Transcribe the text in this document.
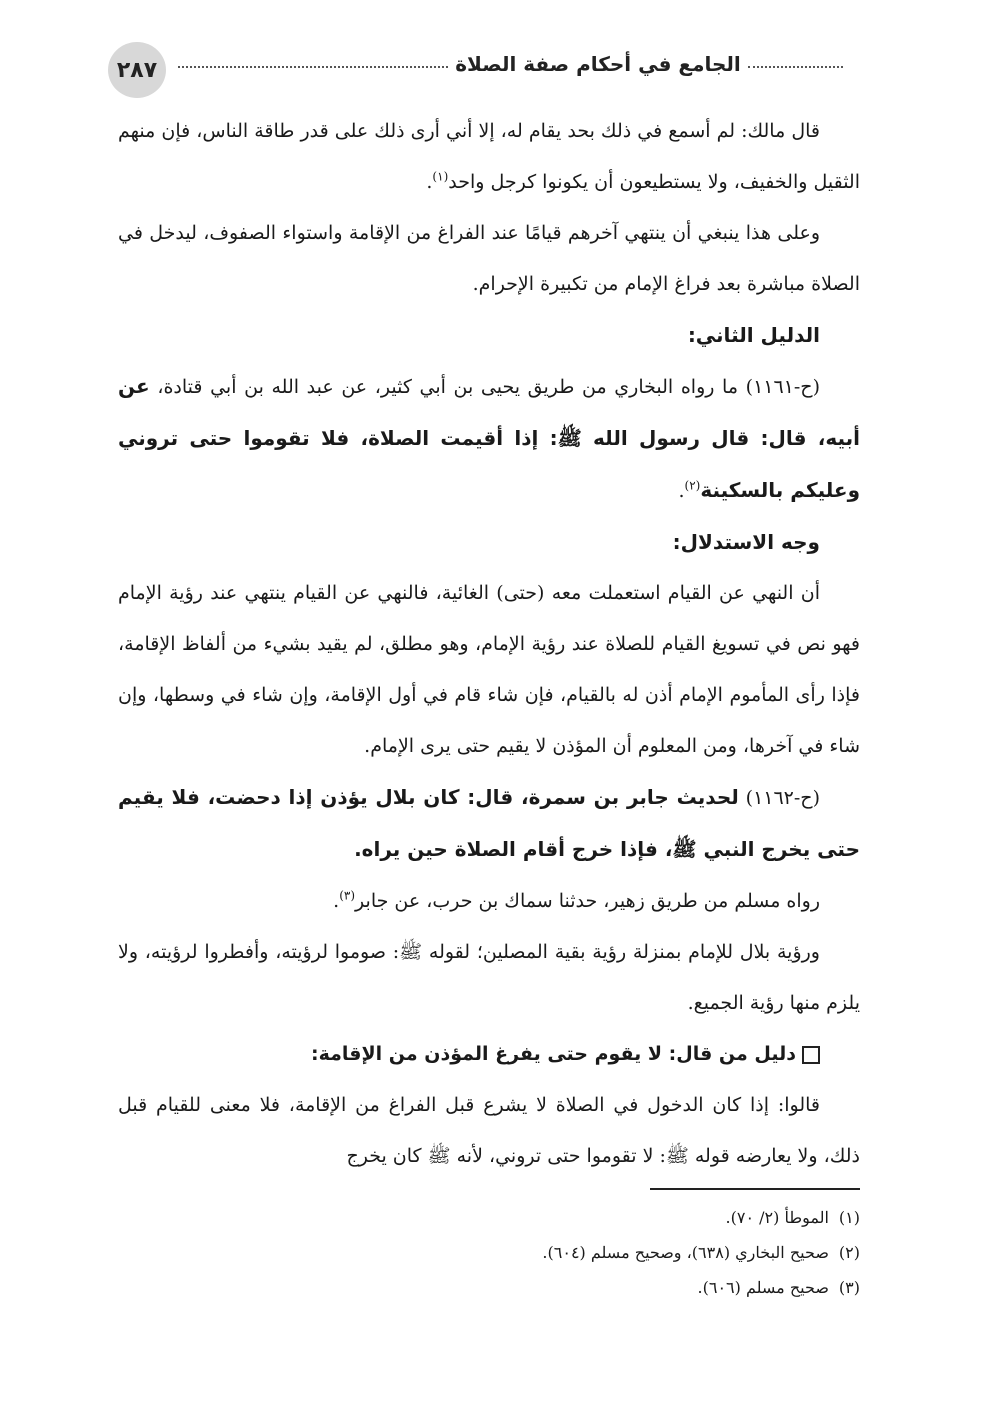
٢٨٧	الجامع في أحكام صفة الصلاة

قال مالك: لم أسمع في ذلك بحد يقام له، إلا أني أرى ذلك على قدر طاقة الناس، فإن منهم الثقيل والخفيف، ولا يستطيعون أن يكونوا كرجل واحد$^{(١)}$.

وعلى هذا ينبغي أن ينتهي آخرهم قيامًا عند الفراغ من الإقامة واستواء الصفوف، ليدخل في الصلاة مباشرة بعد فراغ الإمام من تكبيرة الإحرام.

الدليل الثاني:

(ح-١١٦١) ما رواه البخاري من طريق يحيى بن أبي كثير، عن عبد الله بن أبي قتادة، عن أبيه، قال: قال رسول الله ﷺ: إذا أقيمت الصلاة، فلا تقوموا حتى تروني وعليكم بالسكينة$^{(٢)}$.

وجه الاستدلال:

أن النهي عن القيام استعملت معه (حتى) الغائية، فالنهي عن القيام ينتهي عند رؤية الإمام فهو نص في تسويغ القيام للصلاة عند رؤية الإمام، وهو مطلق، لم يقيد بشيء من ألفاظ الإقامة، فإذا رأى المأموم الإمام أذن له بالقيام، فإن شاء قام في أول الإقامة، وإن شاء في وسطها، وإن شاء في آخرها، ومن المعلوم أن المؤذن لا يقيم حتى يرى الإمام.

(ح-١١٦٢) لحديث جابر بن سمرة، قال: كان بلال يؤذن إذا دحضت، فلا يقيم حتى يخرج النبي ﷺ، فإذا خرج أقام الصلاة حين يراه.

رواه مسلم من طريق زهير، حدثنا سماك بن حرب، عن جابر$^{(٣)}$.

ورؤية بلال للإمام بمنزلة رؤية بقية المصلين؛ لقوله ﷺ: صوموا لرؤيته، وأفطروا لرؤيته، ولا يلزم منها رؤية الجميع.

دليل من قال: لا يقوم حتى يفرغ المؤذن من الإقامة:

قالوا: إذا كان الدخول في الصلاة لا يشرع قبل الفراغ من الإقامة، فلا معنى للقيام قبل ذلك، ولا يعارضه قوله ﷺ: لا تقوموا حتى تروني، لأنه ﷺ كان يخرج

(١)الموطأ (٢/ ٧٠).

(٢)صحيح البخاري (٦٣٨)، وصحيح مسلم (٦٠٤).

(٣)صحيح مسلم (٦٠٦).
